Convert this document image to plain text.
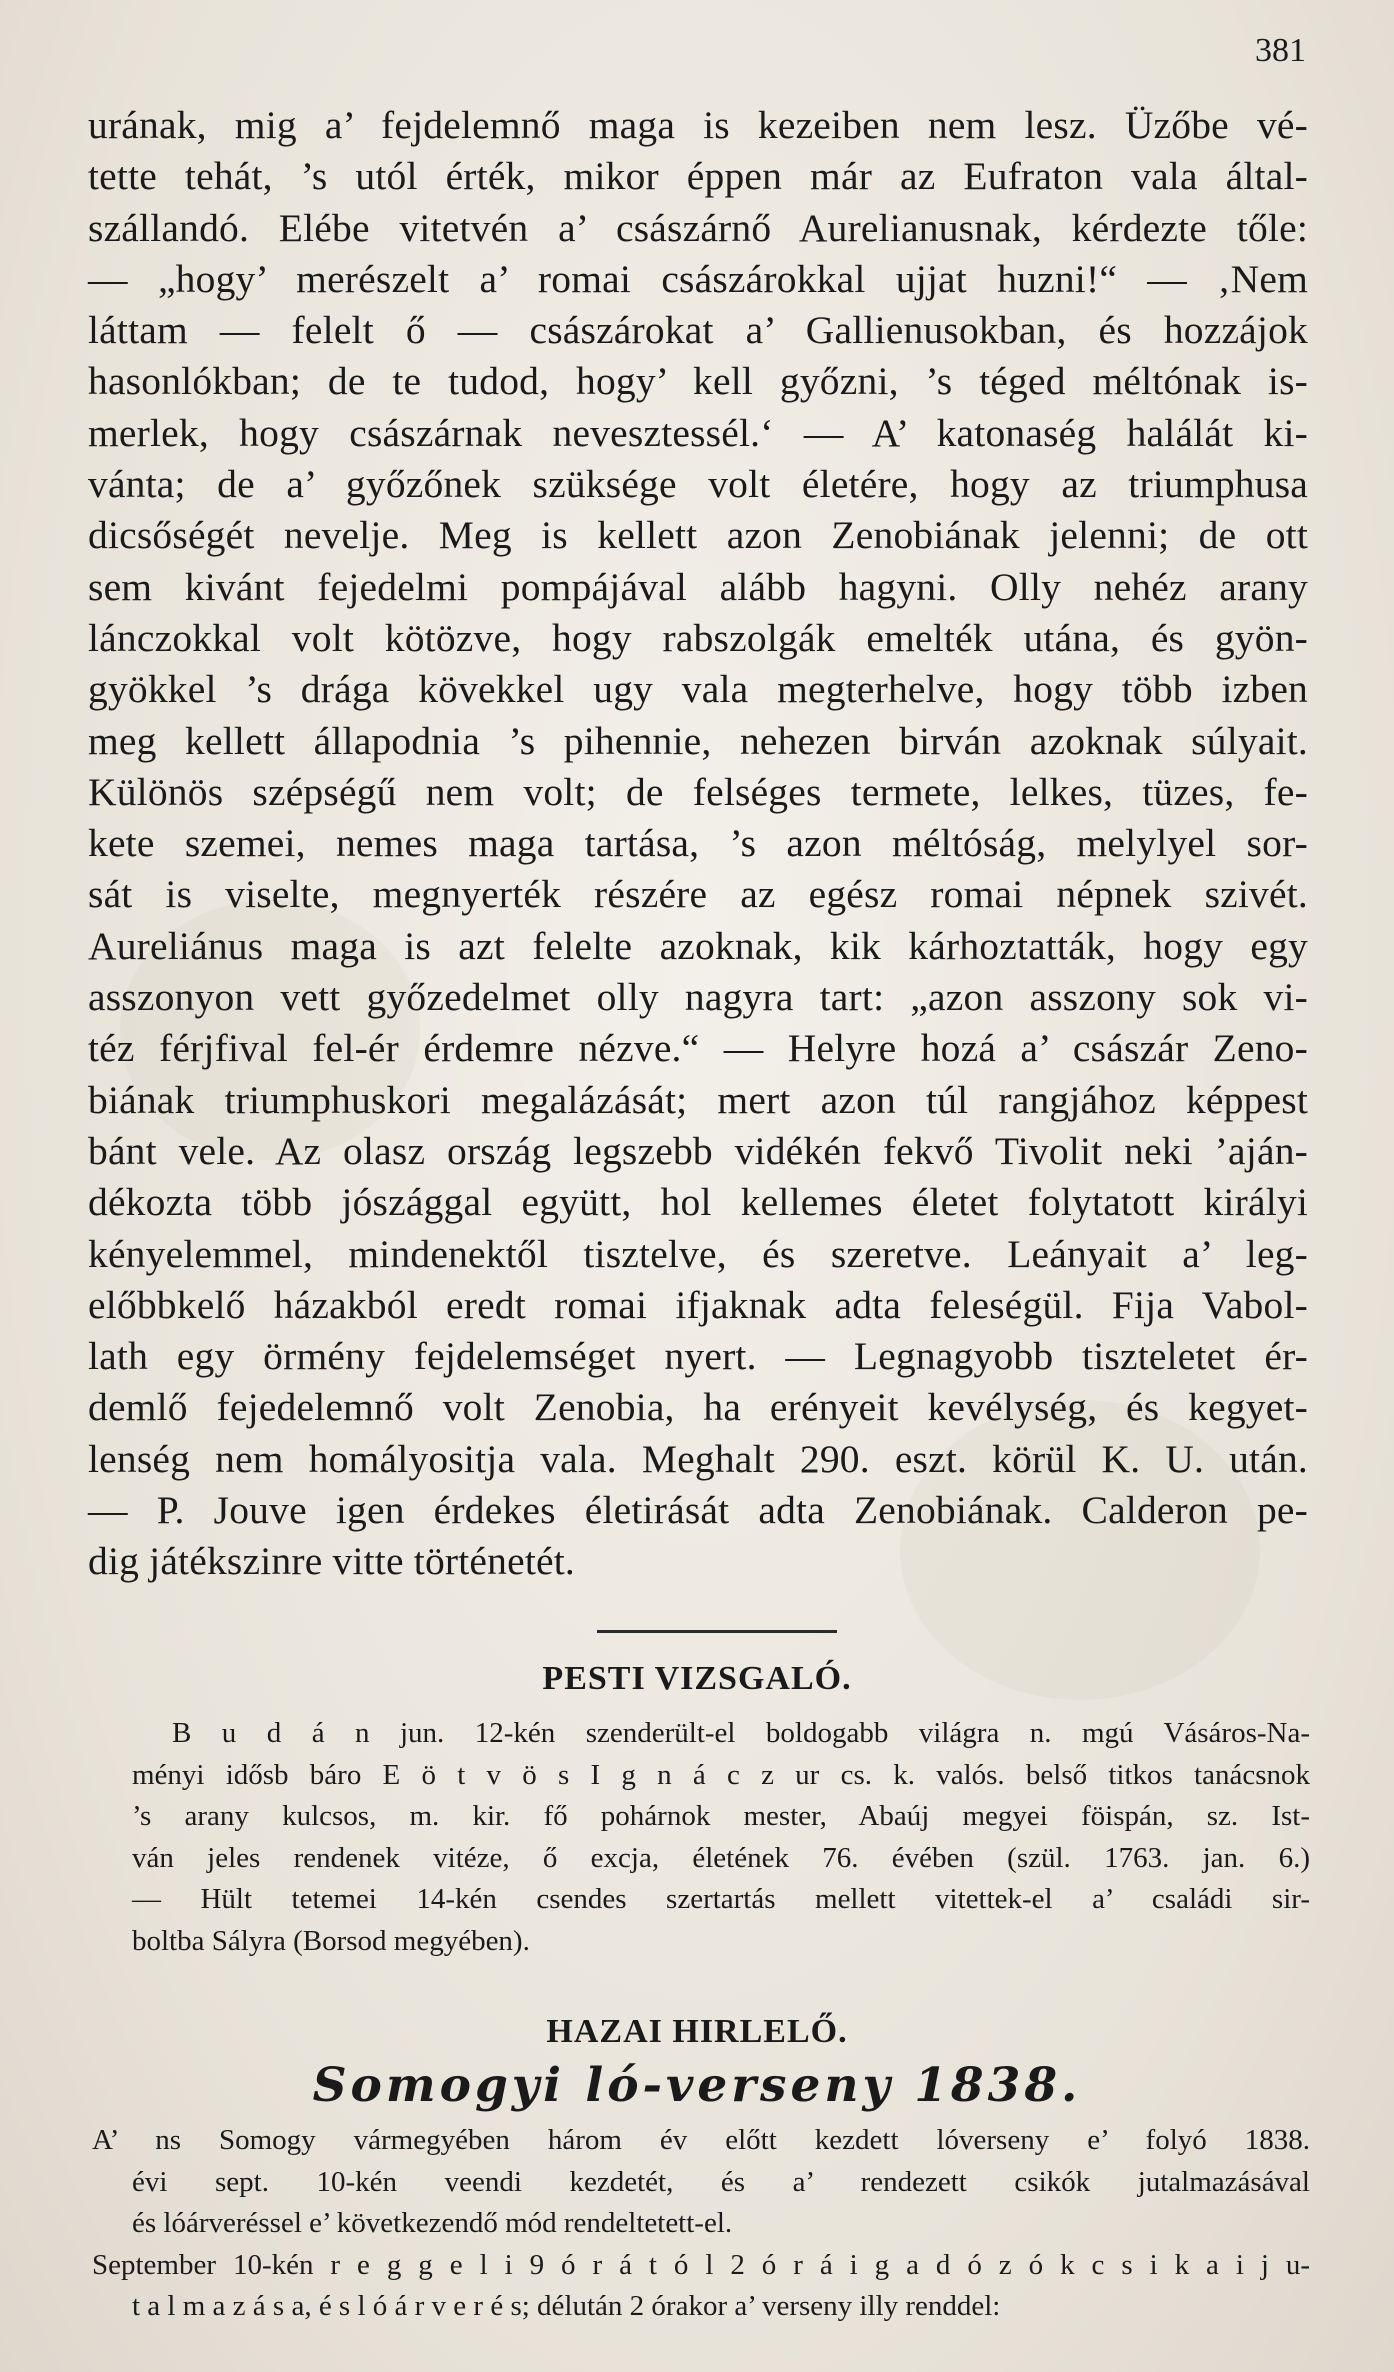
381
urának, mig a’ fejdelemnő maga is kezeiben nem lesz. Üzőbe vé-
tette tehát, ’s utól érték, mikor éppen már az Eufraton vala által-
szállandó. Elébe vitetvén a’ császárnő Aurelianusnak, kérdezte tőle:
— „hogy’ merészelt a’ romai császárokkal ujjat huzni!“ — ‚Nem
láttam — felelt ő — császárokat a’ Gallienusokban, és hozzájok
hasonlókban; de te tudod, hogy’ kell győzni, ’s téged méltónak is-
merlek, hogy császárnak nevesztessél.‘ — A’ katonaség halálát ki-
vánta; de a’ győzőnek szüksége volt életére, hogy az triumphusa
dicsőségét nevelje. Meg is kellett azon Zenobiának jelenni; de ott
sem kivánt fejedelmi pompájával alább hagyni. Olly nehéz arany
lánczokkal volt kötözve, hogy rabszolgák emelték utána, és gyön-
gyökkel ’s drága kövekkel ugy vala megterhelve, hogy több izben
meg kellett állapodnia ’s pihennie, nehezen birván azoknak súlyait.
Különös szépségű nem volt; de felséges termete, lelkes, tüzes, fe-
kete szemei, nemes maga tartása, ’s azon méltóság, melylyel sor-
sát is viselte, megnyerték részére az egész romai népnek szivét.
Aureliánus maga is azt felelte azoknak, kik kárhoztatták, hogy egy
asszonyon vett győzedelmet olly nagyra tart: „azon asszony sok vi-
téz férjfival fel-ér érdemre nézve.“ — Helyre hozá a’ császár Zeno-
biának triumphuskori megalázását; mert azon túl rangjához képpest
bánt vele. Az olasz ország legszebb vidékén fekvő Tivolit neki ’aján-
dékozta több jószággal együtt, hol kellemes életet folytatott királyi
kényelemmel, mindenektől tisztelve, és szeretve. Leányait a’ leg-
előbbkelő házakból eredt romai ifjaknak adta feleségül. Fija Vabol-
lath egy örmény fejdelemséget nyert. — Legnagyobb tiszteletet ér-
demlő fejedelemnő volt Zenobia, ha erényeit kevélység, és kegyet-
lenség nem homályositja vala. Meghalt 290. eszt. körül K. U. után.
— P. Jouve igen érdekes életirását adta Zenobiának. Calderon pe-
dig játékszinre vitte történetét.
PESTI VIZSGALÓ.
B u d á n jun. 12-kén szenderült-el boldogabb világra n. mgú Vásáros-Na-
ményi idősb báro E ö t v ö s I g n á c z ur cs. k. valós. belső titkos tanácsnok
’s arany kulcsos, m. kir. fő pohárnok mester, Abaúj megyei föispán, sz. Ist-
ván jeles rendenek vitéze, ő excja, életének 76. évében (szül. 1763. jan. 6.)
— Hült tetemei 14-kén csendes szertartás mellett vitettek-el a’ családi sir-
boltba Sályra (Borsod megyében).
HAZAI HIRLELŐ.
Somogyi ló-verseny 1838.
A’ ns Somogy vármegyében három év előtt kezdett lóverseny e’ folyó 1838.
évi sept. 10-kén veendi kezdetét, és a’ rendezett csikók jutalmazásával
és lóárveréssel e’ következendő mód rendeltetett-el.
September 10-kén r e g g e l i 9 ó r á t ó l 2 ó r á i g a d ó z ó k c s i k a i j u-
t a l m a z á s a, é s l ó á r v e r é s; délután 2 órakor a’ verseny illy renddel:
